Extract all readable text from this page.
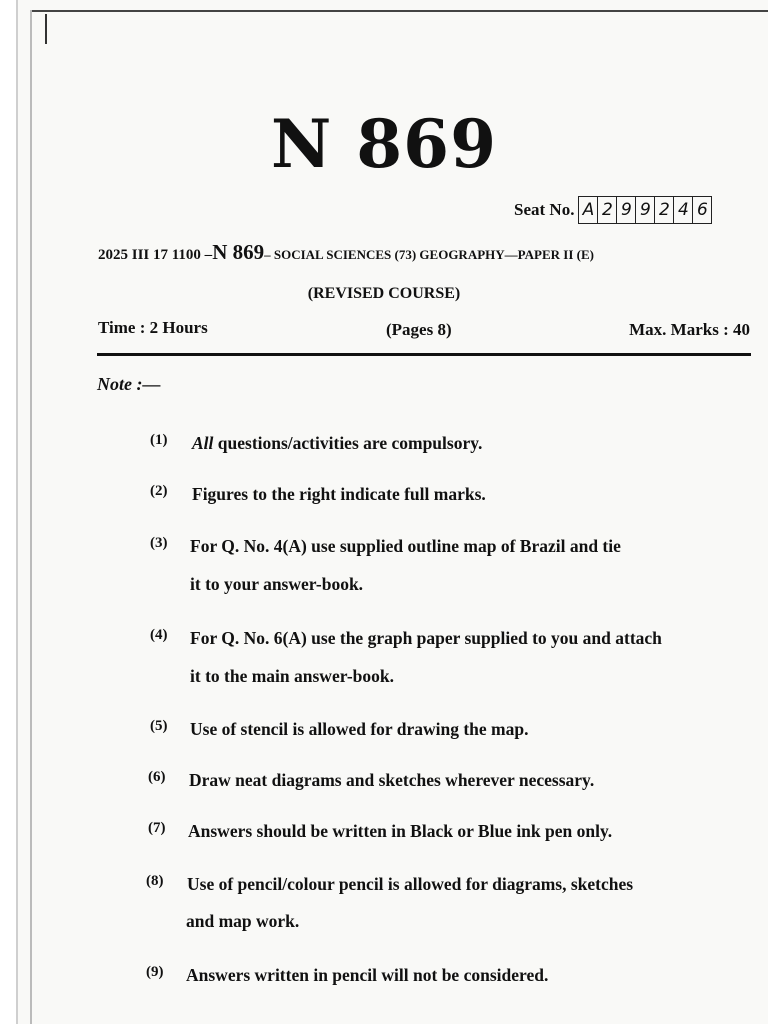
N 869
Seat No. A 2 9 9 2 4 6
2025 III 17 1100 –N 869– SOCIAL SCIENCES (73) GEOGRAPHY—PAPER II (E)
(REVISED COURSE)
Time : 2 Hours	(Pages 8)	Max. Marks : 40
Note :—
(1) All questions/activities are compulsory.
(2) Figures to the right indicate full marks.
(3) For Q. No. 4(A) use supplied outline map of Brazil and tie
it to your answer-book.
(4) For Q. No. 6(A) use the graph paper supplied to you and attach
it to the main answer-book.
(5) Use of stencil is allowed for drawing the map.
(6) Draw neat diagrams and sketches wherever necessary.
(7) Answers should be written in Black or Blue ink pen only.
(8) Use of pencil/colour pencil is allowed for diagrams, sketches
and map work.
(9) Answers written in pencil will not be considered.
